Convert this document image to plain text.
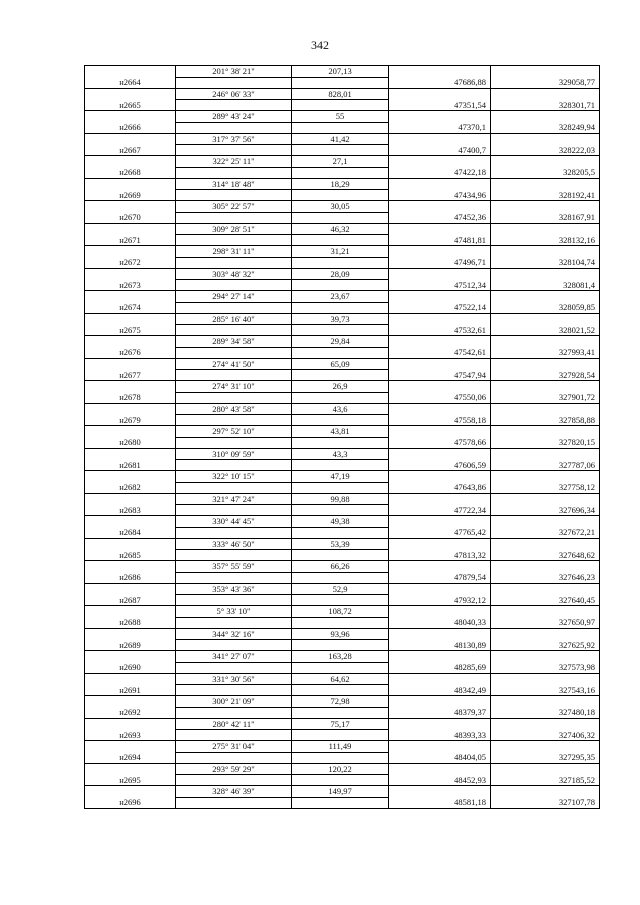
342
	201° 38' 21"	207,13		
н2664			47686,88	329058,77
	246° 06' 33"	828,01		
н2665			47351,54	328301,71
	289° 43' 24"	55		
н2666			47370,1	328249,94
	317° 37' 56"	41,42		
н2667			47400,7	328222,03
	322° 25' 11"	27,1		
н2668			47422,18	328205,5
	314° 18' 48"	18,29		
н2669			47434,96	328192,41
	305° 22' 57"	30,05		
н2670			47452,36	328167,91
	309° 28' 51"	46,32		
н2671			47481,81	328132,16
	298° 31' 11"	31,21		
н2672			47496,71	328104,74
	303° 48' 32"	28,09		
н2673			47512,34	328081,4
	294° 27' 14"	23,67		
н2674			47522,14	328059,85
	285° 16' 40"	39,73		
н2675			47532,61	328021,52
	289° 34' 58"	29,84		
н2676			47542,61	327993,41
	274° 41' 50"	65,09		
н2677			47547,94	327928,54
	274° 31' 10"	26,9		
н2678			47550,06	327901,72
	280° 43' 58"	43,6		
н2679			47558,18	327858,88
	297° 52' 10"	43,81		
н2680			47578,66	327820,15
	310° 09' 59"	43,3		
н2681			47606,59	327787,06
	322° 10' 15"	47,19		
н2682			47643,86	327758,12
	321° 47' 24"	99,88		
н2683			47722,34	327696,34
	330° 44' 45"	49,38		
н2684			47765,42	327672,21
	333° 46' 50"	53,39		
н2685			47813,32	327648,62
	357° 55' 59"	66,26		
н2686			47879,54	327646,23
	353° 43' 36"	52,9		
н2687			47932,12	327640,45
	5° 33' 10"	108,72		
н2688			48040,33	327650,97
	344° 32' 16"	93,96		
н2689			48130,89	327625,92
	341° 27' 07"	163,28		
н2690			48285,69	327573,98
	331° 30' 56"	64,62		
н2691			48342,49	327543,16
	300° 21' 09"	72,98		
н2692			48379,37	327480,18
	280° 42' 11"	75,17		
н2693			48393,33	327406,32
	275° 31' 04"	111,49		
н2694			48404,05	327295,35
	293° 59' 29"	120,22		
н2695			48452,93	327185,52
	328° 46' 39"	149,97		
н2696			48581,18	327107,78
